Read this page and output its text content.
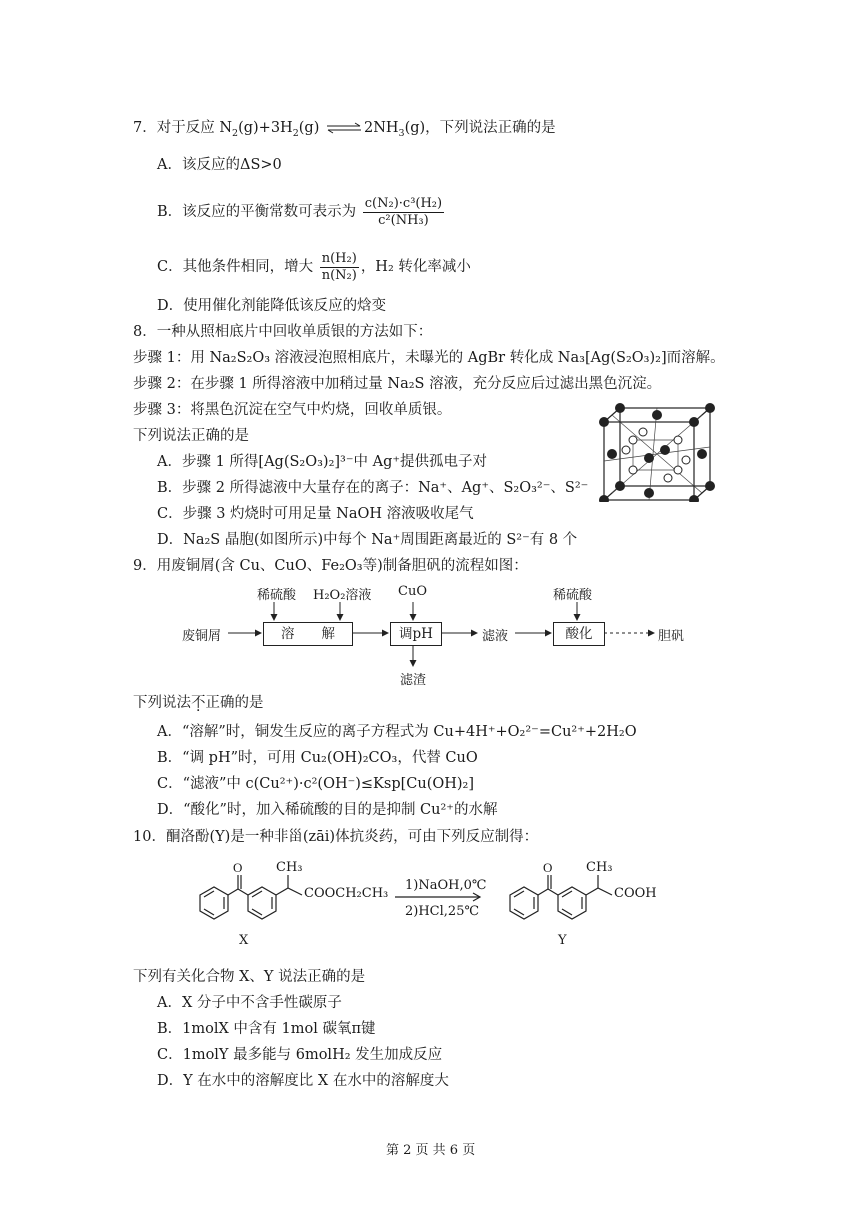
7．对于反应 $N_2(g)+3H_2(g)$ ⇌ $2NH_3(g)$，下列说法正确的是
A．该反应的ΔS>0
B．该反应的平衡常数可表示为 $\frac{\text{c(N₂)·c³(H₂)}}{\text{c²(NH₃)}}$
C．其他条件相同，增大 $\frac{\text{n(H₂)}}{\text{n(N₂)}}$ ，H₂ 转化率减小
D．使用催化剂能降低该反应的焓变
8．一种从照相底片中回收单质银的方法如下：
步骤 1：用 Na₂S₂O₃ 溶液浸泡照相底片，未曝光的 AgBr 转化成 Na₃[Ag(S₂O₃)₂]而溶解。
步骤 2：在步骤 1 所得溶液中加稍过量 Na₂S 溶液，充分反应后过滤出黑色沉淀。
步骤 3：将黑色沉淀在空气中灼烧，回收单质银。
下列说法正确的是
A．步骤 1 所得[Ag(S₂O₃)₂]³⁻中 Ag⁺提供孤电子对
B．步骤 2 所得滤液中大量存在的离子：Na⁺、Ag⁺、S₂O₃²⁻、S²⁻
C．步骤 3 灼烧时可用足量 NaOH 溶液吸收尾气
D．Na₂S 晶胞(如图所示)中每个 Na⁺周围距离最近的 S²⁻有 8 个
9．用废铜屑(含 Cu、CuO、Fe₂O₃等)制备胆矾的流程如图：
废铜屑
稀硫酸 H₂O₂溶液
溶　　解
CuO
调pH
滤渣
滤液
稀硫酸
酸化	胆矾
下列说法不正确的是
A．“溶解”时，铜发生反应的离子方程式为 Cu+4H⁺+O₂²⁻=Cu²⁺+2H₂O
B．“调 pH”时，可用 Cu₂(OH)₂CO₃，代替 CuO
C．“滤液”中 c(Cu²⁺)·c²(OH⁻)≤Ksp[Cu(OH)₂]
D．“酸化”时，加入稀硫酸的目的是抑制 Cu²⁺的水解
10．酮洛酚(Y)是一种非甾(zāi)体抗炎药，可由下列反应制得：
O	O
CH₃
COOCH₂CH₃
X
1)NaOH,0℃
2)HCl,25℃
CH₃
COOH
Y
下列有关化合物 X、Y 说法正确的是
A．X 分子中不含手性碳原子
B．1molX 中含有 1mol 碳氧π键
C．1molY 最多能与 6molH₂ 发生加成反应
D．Y 在水中的溶解度比 X 在水中的溶解度大
第 2 页 共 6 页
